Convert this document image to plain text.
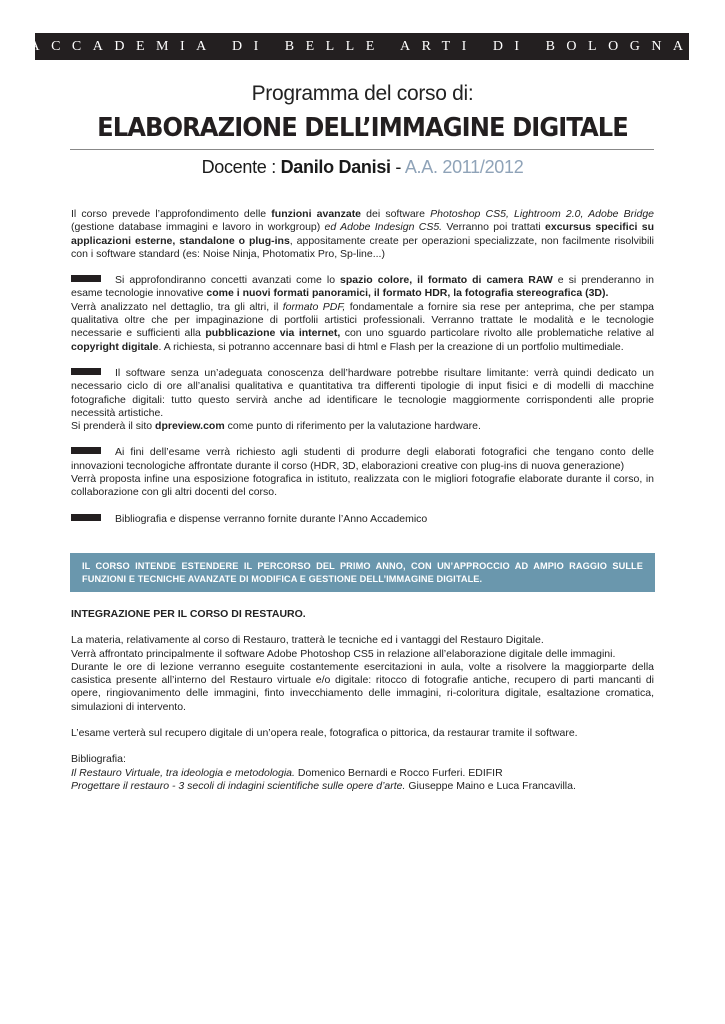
ACCADEMIA DI BELLE ARTI DI BOLOGNA
Programma del corso di:
ELABORAZIONE DELL’IMMAGINE DIGITALE
Docente : Danilo Danisi - A.A. 2011/2012

Il corso prevede l’approfondimento delle funzioni avanzate dei software Photoshop CS5, Lightroom 2.0, Adobe Bridge (gestione database immagini e lavoro in workgroup) ed Adobe Indesign CS5. Verranno poi trattati excursus specifici su applicazioni esterne, standalone o plug-ins, appositamente create per operazioni specializzate, non facilmente risolvibili con i software standard (es: Noise Ninja, Photomatix Pro, Sp-line...)

Si approfondiranno concetti avanzati come lo spazio colore, il formato di camera RAW e si prenderanno in esame tecnologie innovative come i nuovi formati panoramici, il formato HDR, la fotografia stereografica (3D).
Verrà analizzato nel dettaglio, tra gli altri, il formato PDF, fondamentale a fornire sia rese per anteprima, che per stampa qualitativa oltre che per impaginazione di portfolii artistici professionali. Verranno trattate le modalità e le tecnologie necessarie e sufficienti alla pubblicazione via internet, con uno sguardo particolare rivolto alle problematiche relative al copyright digitale. A richiesta, si potranno accennare basi di html e Flash per la creazione di un portfolio multimediale.

Il software senza un’adeguata conoscenza dell’hardware potrebbe risultare limitante: verrà quindi dedicato un necessario ciclo di ore all’analisi qualitativa e quantitativa tra differenti tipologie di input fisici e di modelli di macchine fotografiche digitali: tutto questo servirà anche ad identificare le tecnologie maggiormente corrispondenti alle proprie necessità artistiche.
Si prenderà il sito dpreview.com come punto di riferimento per la valutazione hardware.

Ai fini dell’esame verrà richiesto agli studenti di produrre degli elaborati fotografici che tengano conto delle innovazioni tecnologiche affrontate durante il corso (HDR, 3D, elaborazioni creative con plug-ins di nuova generazione)
Verrà proposta infine una esposizione fotografica in istituto, realizzata con le migliori fotografie elaborate durante il corso, in collaborazione con gli altri docenti del corso.

Bibliografia e dispense verranno fornite durante l’Anno Accademico

IL CORSO INTENDE ESTENDERE IL PERCORSO DEL PRIMO ANNO, CON UN’APPROCCIO AD AMPIO RAGGIO SULLE FUNZIONI E TECNICHE AVANZATE DI MODIFICA E GESTIONE DELL’IMMAGINE DIGITALE.

INTEGRAZIONE PER IL CORSO DI RESTAURO.

La materia, relativamente al corso di Restauro, tratterà le tecniche ed i vantaggi del Restauro Digitale.
Verrà affrontato principalmente il software Adobe Photoshop CS5 in relazione all’elaborazione digitale delle immagini.
Durante le ore di lezione verranno eseguite costantemente esercitazioni in aula, volte a risolvere la maggiorparte della casistica presente all’interno del Restauro virtuale e/o digitale: ritocco di fotografie antiche, recupero di parti mancanti di opere, ringiovanimento delle immagini, finto invecchiamento delle immagini, ri-coloritura digitale, esaltazione cromatica, simulazioni di intervento.

L’esame verterà sul recupero digitale di un’opera reale, fotografica o pittorica, da restaurar tramite il software.

Bibliografia:
Il Restauro Virtuale, tra ideologia e metodologia. Domenico Bernardi e Rocco Furferi. EDIFIR
Progettare il restauro - 3 secoli di indagini scientifiche sulle opere d’arte. Giuseppe Maino e Luca Francavilla.
